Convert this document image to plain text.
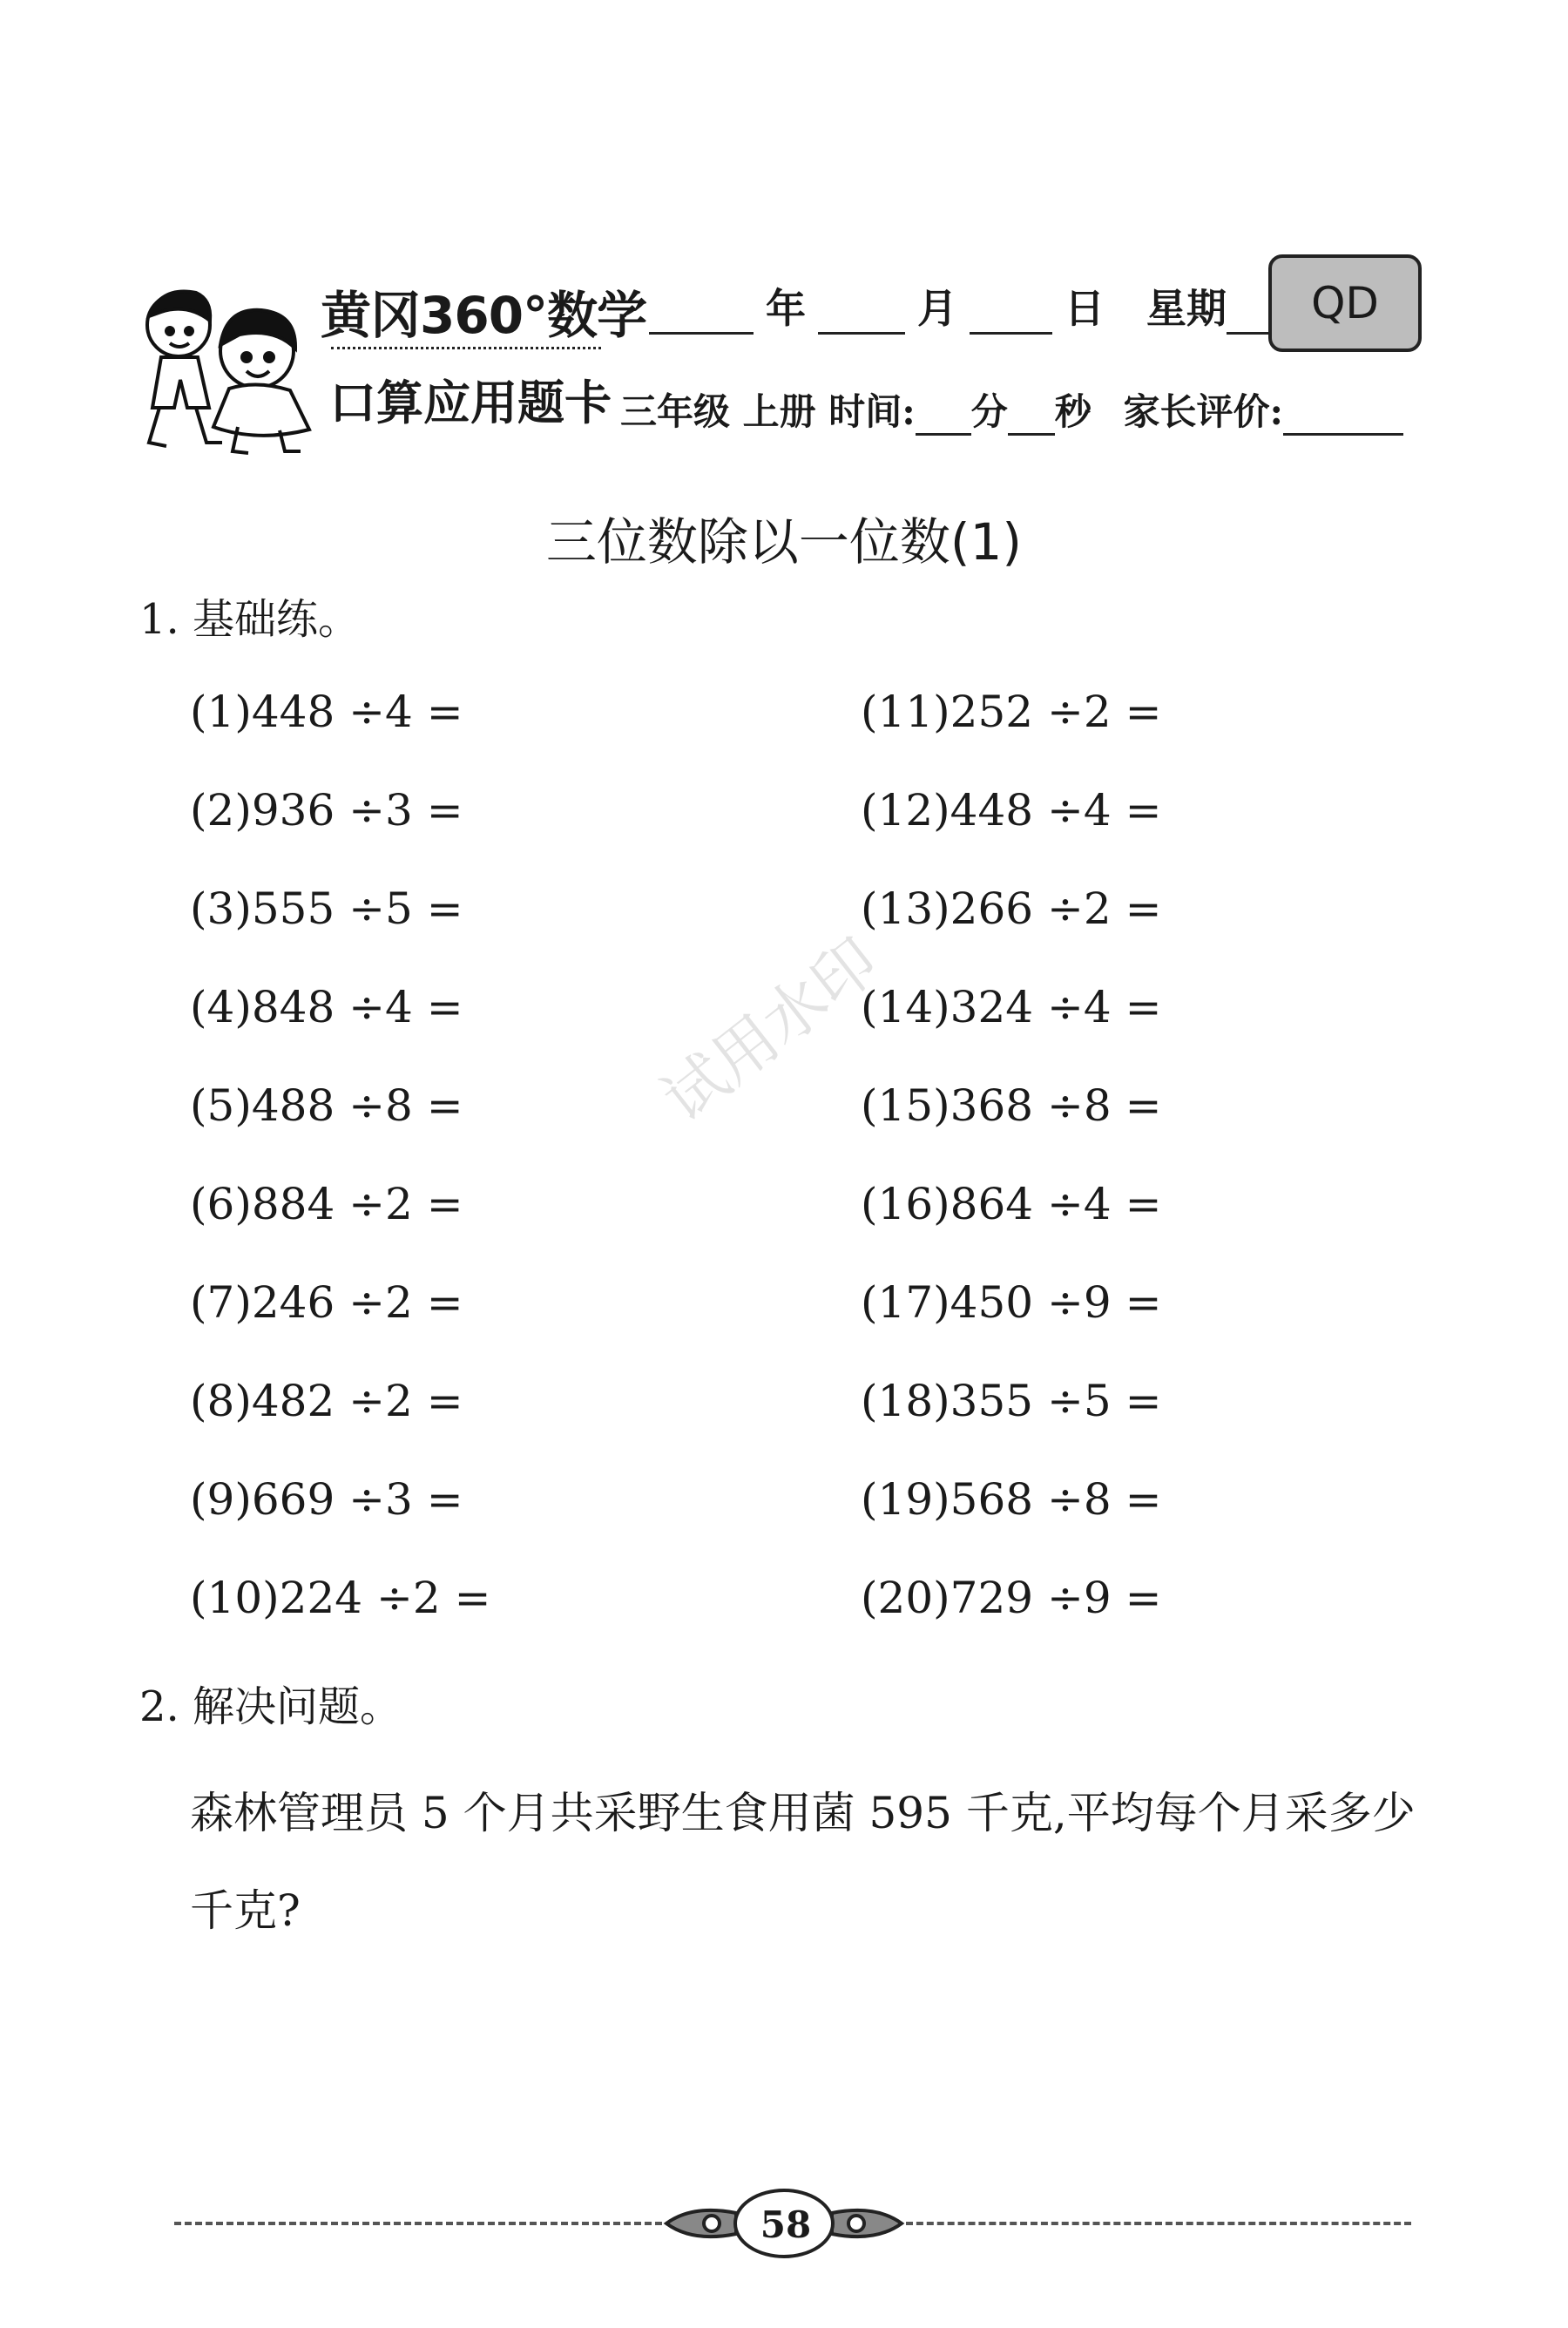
黄冈360°数学
口算应用题卡
年	月	日 星期	QD
三年级 上册 时间: 分 秒 家长评价:
三位数除以一位数(1)
试用水印
1. 基础练。
(1)448 ÷4 =
(2)936 ÷3 =
(3)555 ÷5 =
(4)848 ÷4 =
(5)488 ÷8 =
(6)884 ÷2 =
(7)246 ÷2 =
(8)482 ÷2 =
(9)669 ÷3 =
(10)224 ÷2 =
(11)252 ÷2 =
(12)448 ÷4 =
(13)266 ÷2 =
(14)324 ÷4 =
(15)368 ÷8 =
(16)864 ÷4 =
(17)450 ÷9 =
(18)355 ÷5 =
(19)568 ÷8 =
(20)729 ÷9 =
2. 解决问题。
森林管理员 5 个月共采野生食用菌 595 千克,平均每个月采多少千克?
58
